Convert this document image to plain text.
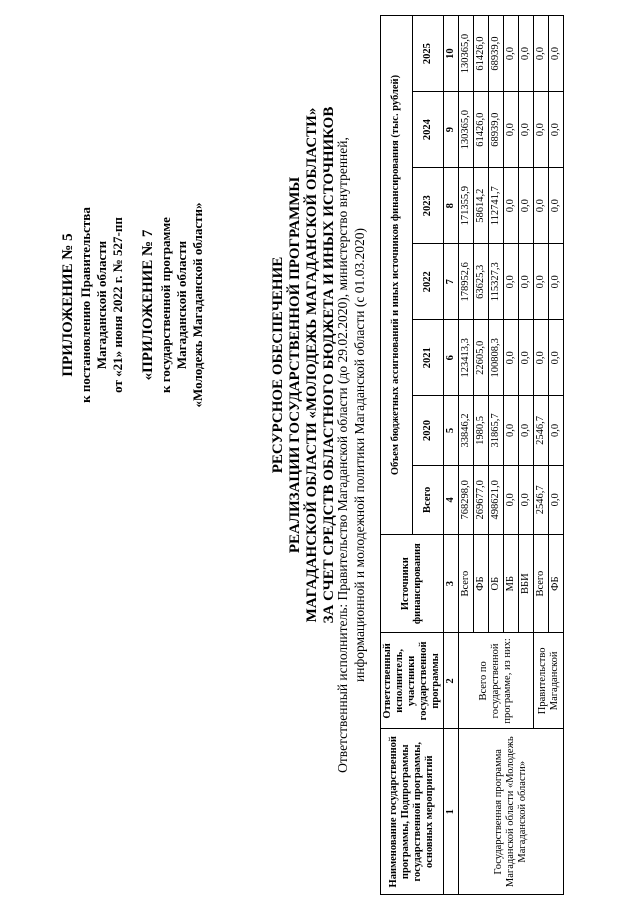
ПРИЛОЖЕНИЕ № 5 к постановлению Правительства Магаданской области от «21» июня 2022 г. № 527-пп «ПРИЛОЖЕНИЕ № 7 к государственной программе Магаданской области «Молодежь Магаданской области»	РЕСУРСНОЕ ОБЕСПЕЧЕНИЕ РЕАЛИЗАЦИИ ГОСУДАРСТВЕННОЙ ПРОГРАММЫ МАГАДАНСКОЙ ОБЛАСТИ «МОЛОДЕЖЬ МАГАДАНСКОЙ ОБЛАСТИ» ЗА СЧЕТ СРЕДСТВ ОБЛАСТНОГО БЮДЖЕТА И ИНЫХ ИСТОЧНИКОВ
Ответственный исполнитель: Правительство Магаданской области (до 29.02.2020), министерство внутренней, информационной и молодежной политики Магаданской области (с 01.03.2020)
Наименование государственной программы, Подпрограммы государственной программы, основных мероприятий	Ответственный исполнитель, участники государственной программы	Источники финансирования	Объем бюджетных ассигнований и иных источников финансирования (тыс. рублей)						
			Всего	2020	2021	2022	2023	2024	2025
1	2	3	4	5	6	7	8	9	10
Государственная программа Магаданской области «Молодежь Магаданской области»	Всего по государственной программе, из них:	Всего	768298,0	33846,2	123413,3	178952,6	171355,9	130365,0	130365,0
		ФБ	269677,0	1980,5	22605,0	63625,3	58614,2	61426,0	61426,0
		ОБ	498621,0	31865,7	100808,3	115327,3	112741,7	68939,0	68939,0
		МБ	0,0	0,0	0,0	0,0	0,0	0,0	0,0
		ВБИ	0,0	0,0	0,0	0,0	0,0	0,0	0,0
	Правительство Магаданской	Всего	2546,7	2546,7	0,0	0,0	0,0	0,0	0,0
		ФБ	0,0	0,0	0,0	0,0	0,0	0,0	0,0
